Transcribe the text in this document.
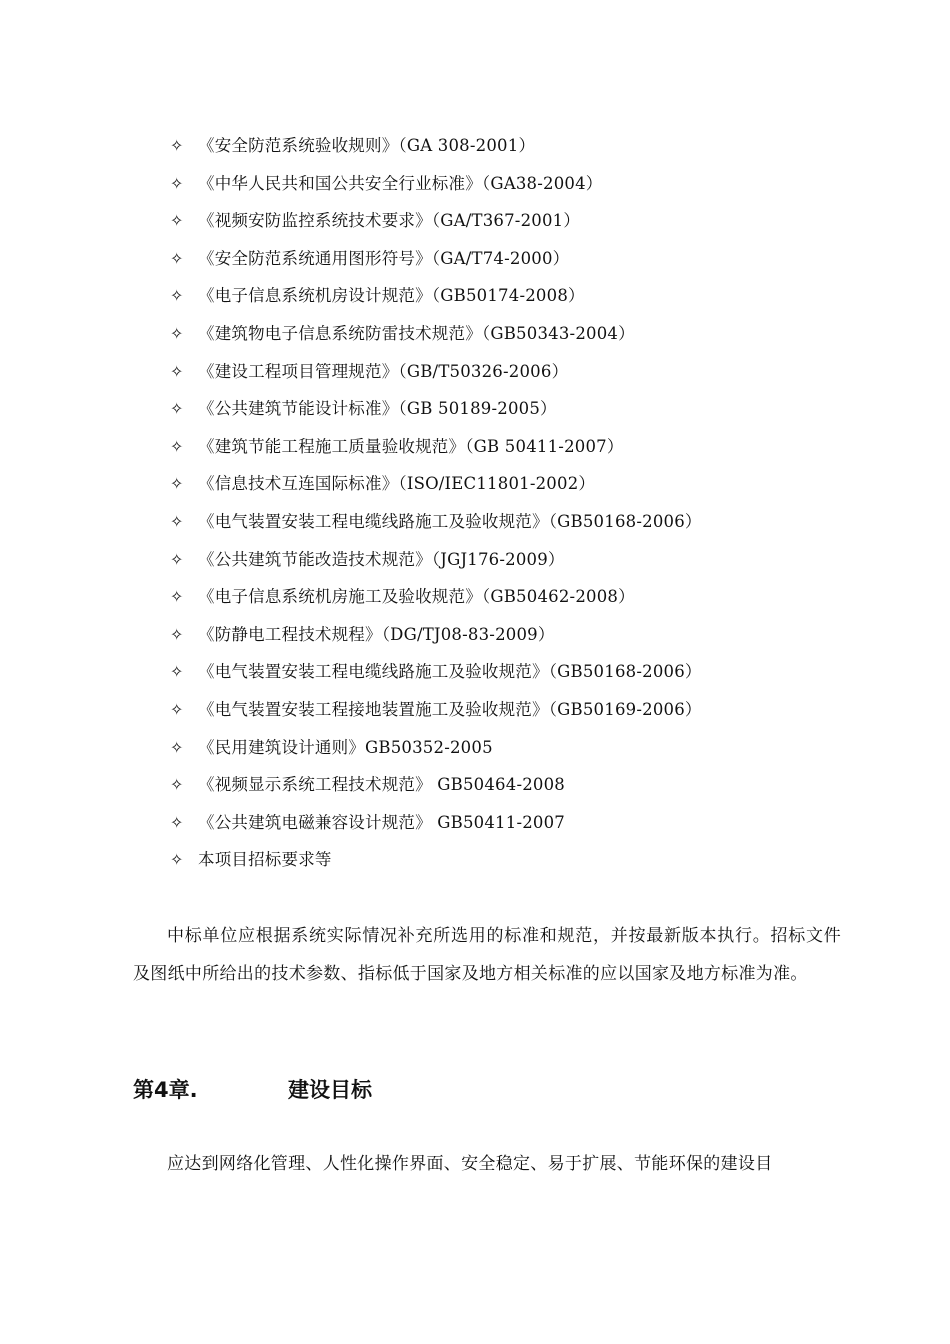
✧ 《安全防范系统验收规则》（GA 308-2001）
✧ 《中华人民共和国公共安全行业标准》（GA38-2004）
✧ 《视频安防监控系统技术要求》（GA/T367-2001）
✧ 《安全防范系统通用图形符号》（GA/T74-2000）
✧ 《电子信息系统机房设计规范》（GB50174-2008）
✧ 《建筑物电子信息系统防雷技术规范》（GB50343-2004）
✧ 《建设工程项目管理规范》（GB/T50326-2006）
✧ 《公共建筑节能设计标准》（GB 50189-2005）
✧ 《建筑节能工程施工质量验收规范》（GB 50411-2007）
✧ 《信息技术互连国际标准》（ISO/IEC11801-2002）
✧ 《电气装置安装工程电缆线路施工及验收规范》（GB50168-2006）
✧ 《公共建筑节能改造技术规范》（JGJ176-2009）
✧ 《电子信息系统机房施工及验收规范》（GB50462-2008）
✧ 《防静电工程技术规程》（DG/TJ08-83-2009）
✧ 《电气装置安装工程电缆线路施工及验收规范》（GB50168-2006）
✧ 《电气装置安装工程接地装置施工及验收规范》（GB50169-2006）
✧ 《民用建筑设计通则》GB50352-2005
✧ 《视频显示系统工程技术规范》 GB50464-2008
✧ 《公共建筑电磁兼容设计规范》 GB50411-2007
✧ 本项目招标要求等

中标单位应根据系统实际情况补充所选用的标准和规范，并按最新版本执行。招标文件及图纸中所给出的技术参数、指标低于国家及地方相关标准的应以国家及地方标准为准。

第4章.	建设目标

应达到网络化管理、人性化操作界面、安全稳定、易于扩展、节能环保的建设目
